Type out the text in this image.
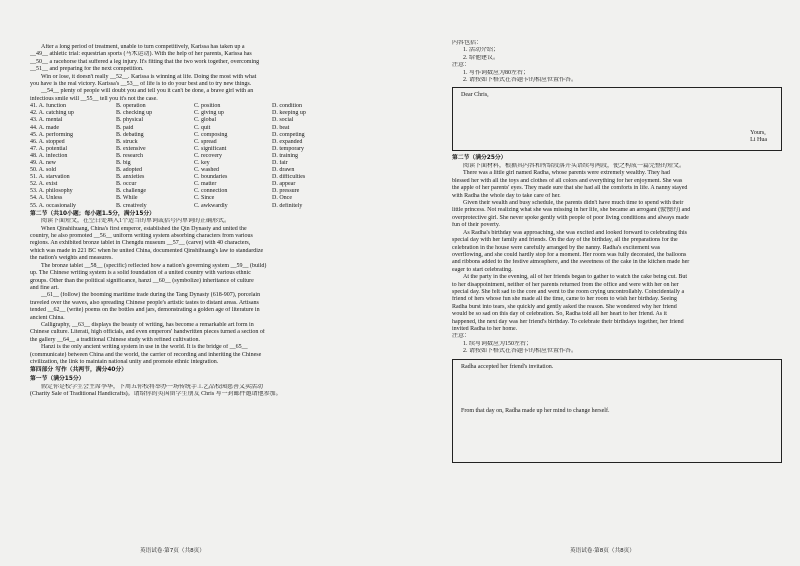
After a long period of treatment, unable to turn competitively, Karissa has taken up a
__49__ athletic trial: equestrian sports (马术运动). With the help of her parents, Karissa has
__50__ a racehorse that suffered a leg injury. It's fitting that the two work together, overcoming
__51__ and preparing for the next competition.
Win or lose, it doesn't really __52__. Karissa is winning at life. Doing the most with what
you have is the real victory. Karissa's __53__ of life is to do your best and to try new things.
__54__ plenty of people will doubt you and tell you it can't be done, a brave girl with an
infectious smile will __55__ tell you it's not the case.
41. A. function	B. operation	C. position	D. condition
42. A. catching up	B. checking up	C. giving up	D. keeping up
43. A. mental	B. physical	C. global	D. social
44. A. made	B. paid	C. quit	D. beat
45. A. performing	B. debating	C. composing	D. competing
46. A. stopped	B. struck	C. spread	D. expanded
47. A. potential	B. extensive	C. significant	D. temporary
48. A. infection	B. research	C. recovery	D. training
49. A. new	B. big	C. key	D. fair
50. A. sold	B. adopted	C. washed	D. drawn
51. A. starvation	B. anxieties	C. boundaries	D. difficulties
52. A. exist	B. occur	C. matter	D. appear
53. A. philosophy	B. challenge	C. connection	D. pressure
54. A. Unless	B. While	C. Since	D. Once
55. A. occasionally	B. creatively	C. awkwardly	D. definitely
第二节（共10小题；每小题1.5分，满分15分）
阅读下面短文，在空白处填入1个适当的单词或括号内单词的正确形式。
When Qinshihuang, China's first emperor, established the Qin Dynasty and united the
country, he also promoted __56__ uniform writing system absorbing characters from various
regions. An exhibited bronze tablet in Chengdu museum __57__ (carve) with 40 characters,
which was made in 221 BC when he united China, documented Qinshihuang's law to standardize
the nation's weights and measures.
The bronze tablet __58__ (specific) reflected how a nation's governing system __59__ (build)
up. The Chinese writing system is a solid foundation of a united country with various ethnic
groups. Other than the political significance, hanzi __60__ (symbolize) inheritance of culture
and fine art.
__61__ (follow) the booming maritime trade during the Tang Dynasty (618-907), porcelain
traveled over the waves, also spreading Chinese people's artistic tastes to distant areas. Artisans
tended __62__ (write) poems on the bottles and jars, demonstrating a golden age of literature in
ancient China.
Calligraphy, __63__ displays the beauty of writing, has become a remarkable art form in
Chinese culture. Literati, high officials, and even emperors' handwritten pieces turned a section of
the gallery __64__ a traditional Chinese study with refined cultivation.
Hanzi is the only ancient writing system in use in the world. It is the bridge of __65__
(communicate) between China and the world, the carrier of recording and inheriting the Chinese
civilization, the link to maintain national unity and promote ethnic integration.
第四部分 写作（共两节，满分40分）
第一节（满分15分）
假定你是校学生会主席李华，下周五你校将举办一场传统手工艺品校园慈善义卖活动
(Charity Sale of Traditional Handicrafts)。请给你的英国留学生朋友 Chris 写一封邮件邀请他参加。
英语试卷·第7页（共8页）
内容包括：
1. 活动介绍；
2. 给他建议。
注意：
1. 写作词数应为80左右；
2. 请按如下格式在答题卡的相应位置作答。
Dear Chris,
Yours,
Li Hua
第二节（满分25分）
阅读下面材料，根据其内容和所给段落开头语续写两段，使之构成一篇完整的短文。
There was a little girl named Radha, whose parents were extremely wealthy. They had
blessed her with all the toys and clothes of all colors and everything for her enjoyment. She was
the apple of her parents' eyes. They made sure that she had all the comforts in life. A nanny stayed
with Radha the whole day to take care of her.
Given their wealth and busy schedule, the parents didn't have much time to spend with their
little princess. Not realizing what she was missing in her life, she became an arrogant (傲慢的) and
overprotective girl. She never spoke gently with people of poor living conditions and always made
fun of their poverty.
As Radha's birthday was approaching, she was excited and looked forward to celebrating this
special day with her family and friends. On the day of the birthday, all the preparations for the
celebration in the house were carefully arranged by the nanny. Radha's excitement was
overflowing, and she could hardly stop for a moment. Her room was fully decorated, the balloons
and ribbons added to the festive atmosphere, and the sweetness of the cake in the kitchen made her
eager to start celebrating.
At the party in the evening, all of her friends began to gather to watch the cake being cut. But
to her disappointment, neither of her parents returned from the office and were with her on her
special day. She felt sad to the core and went to the room crying uncontrollably. Coincidentally a
friend of hers whose fun she made all the time, came to her room to wish her birthday. Seeing
Radha burst into tears, she quickly and gently asked the reason. She wondered why her friend
would be so sad on this day of celebration. So, Radha told all her heart to her friend. As it
happened, the next day was her friend's birthday. To celebrate their birthdays together, her friend
invited Radha to her home.
注意：
1. 续写词数应为150左右；
2. 请按如下格式在答题卡的相应位置作答。
Radha accepted her friend's invitation.
From that day on, Radha made up her mind to change herself.
英语试卷·第8页（共8页）
